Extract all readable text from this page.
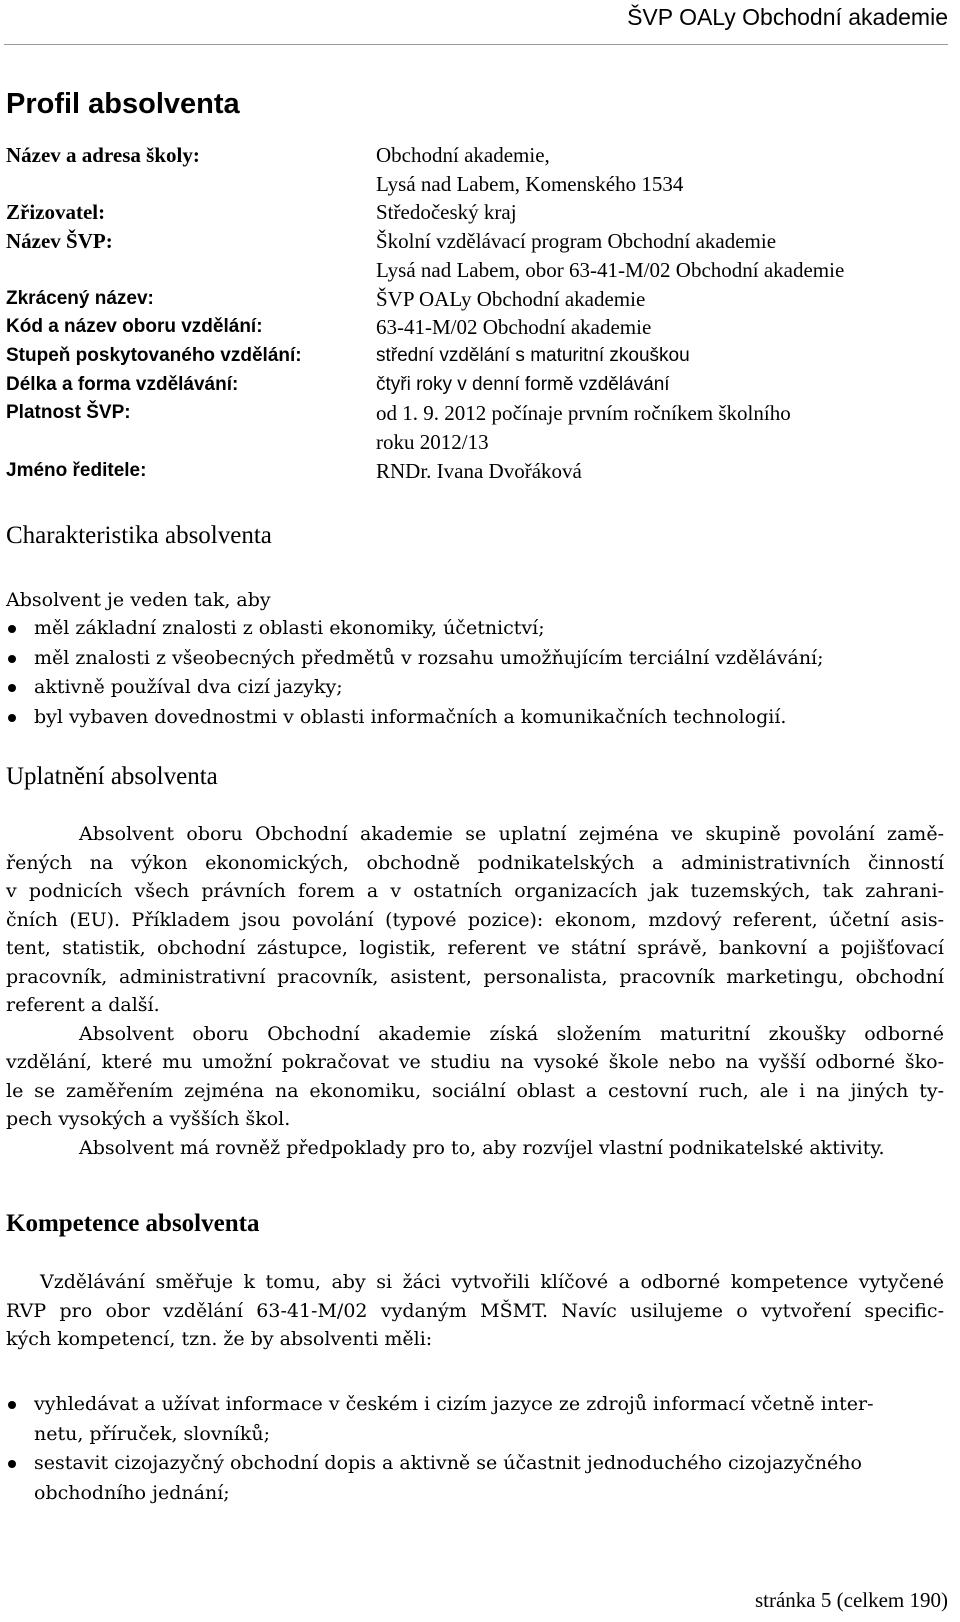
ŠVP OALy Obchodní akademie
Profil absolventa
Název a adresa školy:	Obchodní akademie,
Lysá nad Labem, Komenského 1534
Zřizovatel:	Středočeský kraj
Název ŠVP:	Školní vzdělávací program Obchodní akademie
Lysá nad Labem, obor 63-41-M/02 Obchodní akademie
Zkrácený název:	ŠVP OALy Obchodní akademie
Kód a název oboru vzdělání:	63-41-M/02 Obchodní akademie
Stupeň poskytovaného vzdělání:	střední vzdělání s maturitní zkouškou
Délka a forma vzdělávání:	čtyři roky v denní formě vzdělávání
Platnost ŠVP:	od 1. 9. 2012 počínaje prvním ročníkem školního
roku 2012/13
Jméno ředitele:	RNDr. Ivana Dvořáková
Charakteristika absolventa
Absolvent je veden tak, aby
měl základní znalosti z oblasti ekonomiky, účetnictví;
měl znalosti z všeobecných předmětů v rozsahu umožňujícím terciální vzdělávání;
aktivně používal dva cizí jazyky;
byl vybaven dovednostmi v oblasti informačních a komunikačních technologií.
Uplatnění absolventa
Absolvent oboru Obchodní akademie se uplatní zejména ve skupině povolání zamě-
řených na výkon ekonomických, obchodně podnikatelských a administrativních činností
v podnicích všech právních forem a v ostatních organizacích jak tuzemských, tak zahrani-
čních (EU). Příkladem jsou povolání (typové pozice): ekonom, mzdový referent, účetní asis-
tent, statistik, obchodní zástupce, logistik, referent ve státní správě, bankovní a pojišťovací
pracovník, administrativní pracovník, asistent, personalista, pracovník marketingu, obchodní
referent a další.
Absolvent oboru Obchodní akademie získá složením maturitní zkoušky odborné
vzdělání, které mu umožní pokračovat ve studiu na vysoké škole nebo na vyšší odborné ško-
le se zaměřením zejména na ekonomiku, sociální oblast a cestovní ruch, ale i na jiných ty-
pech vysokých a vyšších škol.
Absolvent má rovněž předpoklady pro to, aby rozvíjel vlastní podnikatelské aktivity.
Kompetence absolventa
Vzdělávání směřuje k tomu, aby si žáci vytvořili klíčové a odborné kompetence vytyčené
RVP pro obor vzdělání 63-41-M/02 vydaným MŠMT. Navíc usilujeme o vytvoření specific-
kých kompetencí, tzn. že by absolventi měli:
vyhledávat a užívat informace v českém i cizím jazyce ze zdrojů informací včetně inter-
netu, příruček, slovníků;
sestavit cizojazyčný obchodní dopis a aktivně se účastnit jednoduchého cizojazyčného
obchodního jednání;
stránka 5 (celkem 190)
